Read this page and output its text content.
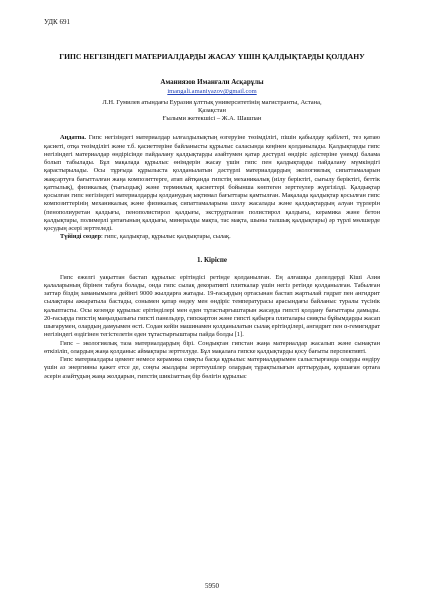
УДК 691

ГИПС НЕГІЗІНДЕГІ МАТЕРИАЛДАРДЫ ЖАСАУ ҮШІН ҚАЛДЫҚТАРДЫ ҚОЛДАНУ

Аманиязов Иманғали Асқарұлы

imangali.amaniyazov@gmail.com

Л.Н. Гумилев атындағы Еуразия ұлттық университетінің магистранты, Астана,

Қазақстан

Ғылыми жетекшісі – Ж.А. Шашпан

Аңдатпа. Гипс негізіндегі материалдар ылғалдылықтың өзгеруіне төзімділігі, пішін қабылдау қабілеті, тез қатаю қасиеті, отқа төзімділігі және т.б. қасиеттеріне байланысты құрылыс саласында кеңінен қолданылады. Қалдықтарды гипс негізіндегі материалдар өндірісінде пайдалану қалдықтарды азайтумен қатар дәстүрлі өндіріс әдістеріне үнемді балама болып табылады. Бұл мақалада құрылыс өнімдерін жасау үшін гипс пен қалдықтарды пайдалану мүмкіндігі қарастырылады. Осы тұрғыда құрылыста қолданылатын дәстүрлі материалдардың экологиялық сипаттамаларын жақсартуға бағытталған жаңа композиттерге, атап айтқанда гипстің механикалық (иілу беріктігі, сығылу беріктігі, беттік қаттылық), физикалық (тығыздық) және термиялық қасиеттері бойынша көптеген зерттеулер жүргізілді. Қалдықтар қосылған гипс негізіндегі материалдарды қолданудың ықтимал бағыттары қамтылған. Мақалада қалдықтар қосылған гипс композиттерінің механикалық және физикалық сипаттамаларына шолу жасалады және қалдықтардың алуан түрлерін (пенополиуретан қалдығы, пенополистирол қалдығы, экструдталған полистирол қалдығы, керамика және бетон қалдықтары, полимерлі ұнтағының қалдығы, минералды мақта, тас мақта, шыны талшық қалдықтары) әр түрлі мөлшерде қосудың әсері зерттеледі.

Түйінді сөздер: гипс, қалдықтар, құрылыс қалдықтары, сылақ.

1. Кіріспе

Гипс ежелгі уақыттан бастап құрылыс ерітіндісі ретінде қолданылған. Ең алғашқы дәлелдерді Кіші Азия қалаларының бірінен табуға болады, онда гипс сылақ декоративті плиткалар үшін негіз ретінде қолданылған. Табылған заттар біздің заманымызға дейінгі 9000 жылдарға жатады. 19-ғасырдың ортасынан бастап жартылай гидрат пен ангидрит сылақтары ажыратыла бастады, сонымен қатар өндеу мен өндіріс температурасы арасындағы байланыс туралы түсінік қалыптасты. Осы кезеңде құрылыс ерітінділері мен еден тұтастырғыштарын жасауда гипсті қолдану бағыттары дамыды. 20-ғасырда гипстің маңыздылығы гипсті панельдер, гипскартон және гипсті қабырға плиталары сияқты бұйымдарды жасап шығарумен, олардың дамуымен өсті. Содан кейін машинамен қолданылатын сылақ ерітінділері, ангидрит пен α-гемигидрат негізіндегі өздігінен тегістелетін еден тұтастырғыштары пайда болды [1].

Гипс – экологиялық таза материалдардың бірі. Сондықтан гипстан жаңа материалдар жасалып және сынақтан өткізіліп, олардың жаңа қолданыс аймақтары зерттелуде. Бұл мақалаға гипске қалдықтарды қосу бағыты перспективті.

Гипс материалдары цемент немесе керамика сияқты басқа құрылыс материалдарымен салыстырғанда оларды өндіру үшін аз энергияны қажет етсе де, соңғы жылдары зерттеушілер олардың тұрақтылығын арттырудың, қоршаған ортаға әсерін азайтудың жаңа жолдарын, гипстің шикізаттың бір бөлігін құрылыс

5950
